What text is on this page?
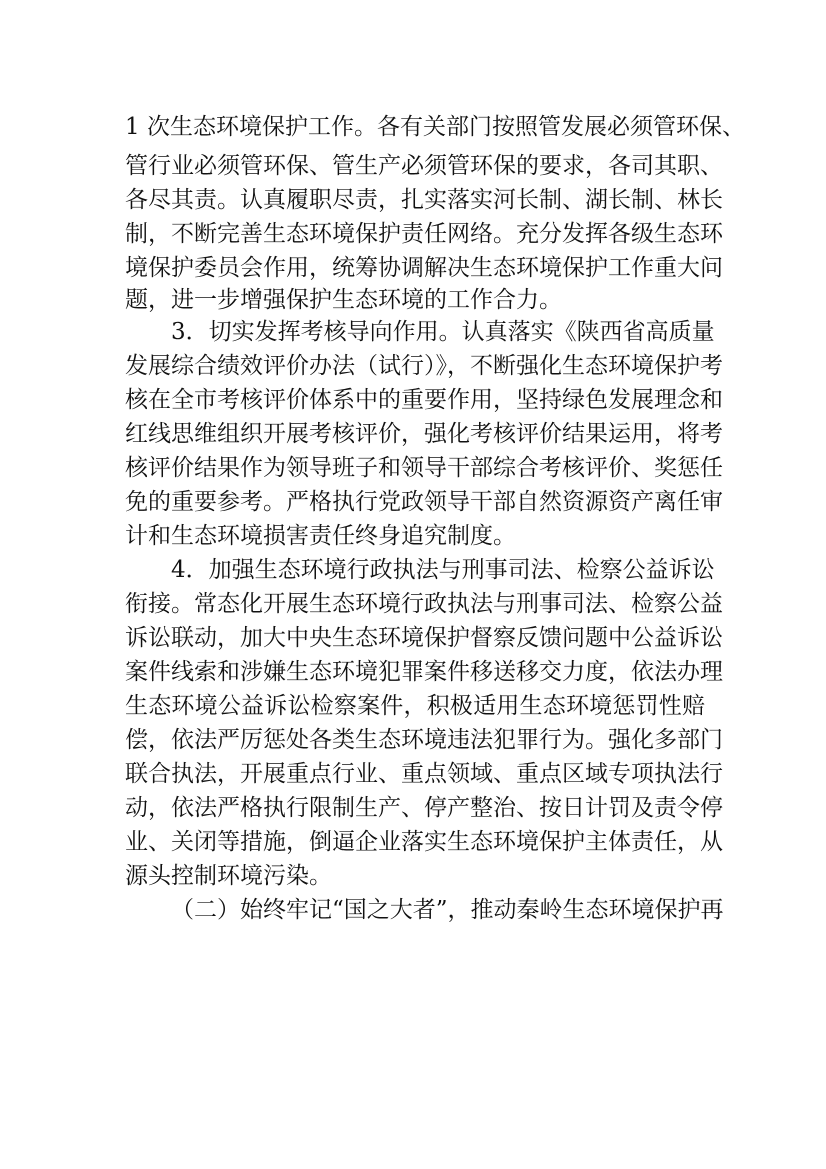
1 次生态环境保护工作。各有关部门按照管发展必须管环保、
管行业必须管环保、管生产必须管环保的要求，各司其职、
各尽其责。认真履职尽责，扎实落实河长制、湖长制、林长
制，不断完善生态环境保护责任网络。充分发挥各级生态环
境保护委员会作用，统筹协调解决生态环境保护工作重大问
题，进一步增强保护生态环境的工作合力。
3．切实发挥考核导向作用。认真落实《陕西省高质量
发展综合绩效评价办法（试行）》，不断强化生态环境保护考
核在全市考核评价体系中的重要作用，坚持绿色发展理念和
红线思维组织开展考核评价，强化考核评价结果运用，将考
核评价结果作为领导班子和领导干部综合考核评价、奖惩任
免的重要参考。严格执行党政领导干部自然资源资产离任审
计和生态环境损害责任终身追究制度。
4．加强生态环境行政执法与刑事司法、检察公益诉讼
衔接。常态化开展生态环境行政执法与刑事司法、检察公益
诉讼联动，加大中央生态环境保护督察反馈问题中公益诉讼
案件线索和涉嫌生态环境犯罪案件移送移交力度，依法办理
生态环境公益诉讼检察案件，积极适用生态环境惩罚性赔
偿，依法严厉惩处各类生态环境违法犯罪行为。强化多部门
联合执法，开展重点行业、重点领域、重点区域专项执法行
动，依法严格执行限制生产、停产整治、按日计罚及责令停
业、关闭等措施，倒逼企业落实生态环境保护主体责任，从
源头控制环境污染。
（二）始终牢记“国之大者”，推动秦岭生态环境保护再
